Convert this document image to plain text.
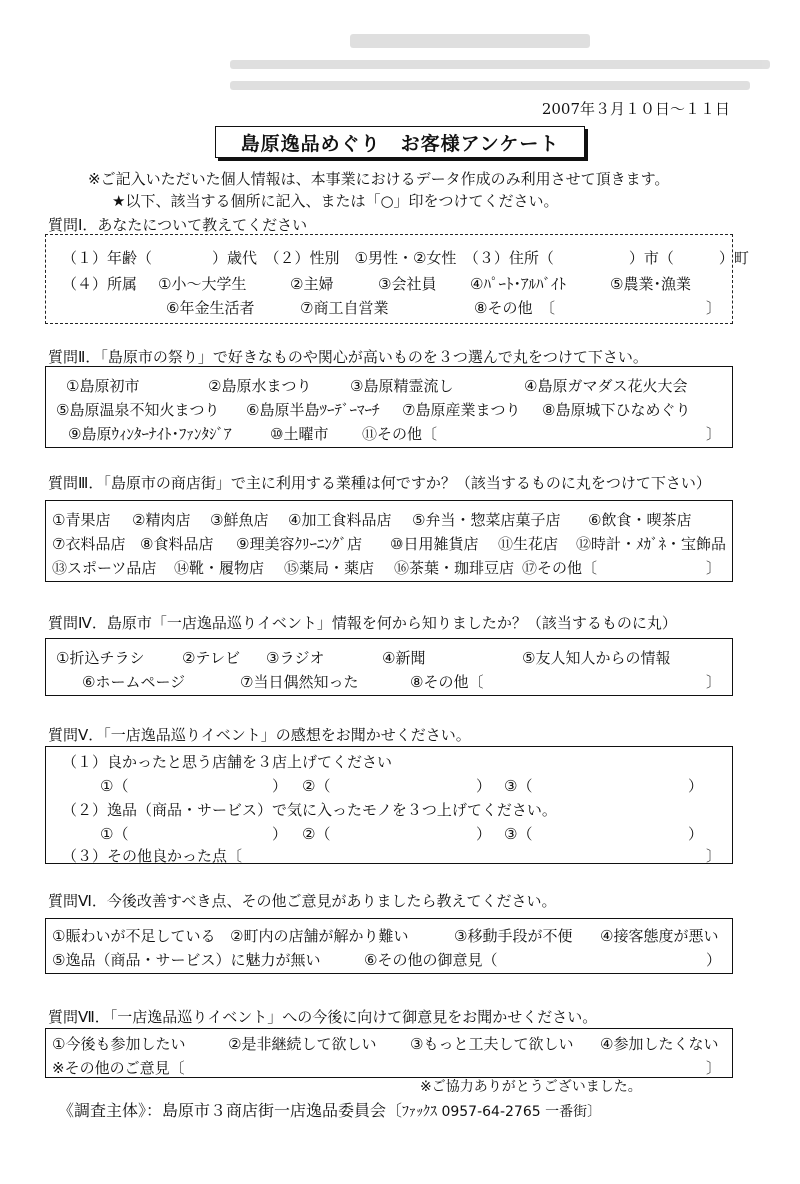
2007年３月１０日～１１日
島原逸品めぐり　お客様アンケート
※ご記入いただいた個人情報は、本事業におけるデータ作成のみ利用させて頂きます。
★以下、該当する個所に記入、または「○」印をつけてください。
質問Ⅰ．あなたについて教えてください
（１）年齢（　　　　）歳代　（２）性別　①男性・②女性　（３）住所（　　　　　）市（　　　）町
（４）所属 ①小～大学生	②主婦	③会社員 ④ﾊﾟｰﾄ･ｱﾙﾊﾞｲﾄ	⑤農業･漁業
⑥年金生活者	⑦商工自営業	⑧その他　〔	〕
質問Ⅱ．「島原市の祭り」で好きなものや関心が高いものを３つ選んで丸をつけて下さい。
①島原初市	②島原水まつり	③島原精霊流し	④島原ガマダス花火大会
⑤島原温泉不知火まつり ⑥島原半島ﾂｰﾃﾞｰﾏｰﾁ ⑦島原産業まつり ⑧島原城下ひなめぐり
⑨島原ｳｨﾝﾀｰﾅｲﾄ･ﾌｧﾝﾀｼﾞｱ	⑩土曜市 ⑪その他〔	〕
質問Ⅲ．「島原市の商店街」で主に利用する業種は何ですか？（該当するものに丸をつけて下さい）
①青果店 ②精肉店 ③鮮魚店 ④加工食料品店 ⑤弁当・惣菜店菓子店 ⑥飲食・喫茶店
⑦衣料品店 ⑧食料品店 ⑨理美容ｸﾘｰﾆﾝｸﾞ店 ⑩日用雑貨店 ⑪生花店 ⑫時計・ﾒｶﾞﾈ・宝飾品
⑬スポーツ品店 ⑭靴・履物店 ⑮薬局・薬店 ⑯茶葉・珈琲豆店 ⑰その他〔	〕
質問Ⅳ．島原市「一店逸品巡りイベント」情報を何から知りましたか？（該当するものに丸）
①折込チラシ	②テレビ ③ラジオ	④新聞	⑤友人知人からの情報
⑥ホームページ	⑦当日偶然知った	⑧その他〔	〕
質問Ⅴ．「一店逸品巡りイベント」の感想をお聞かせください。
（１）良かったと思う店舗を３店上げてください
①（	） ②（	） ③（	）
（２）逸品（商品・サービス）で気に入ったモノを３つ上げてください。
①（	） ②（	） ③（	）
（３）その他良かった点〔	〕
質問Ⅵ．今後改善すべき点、その他ご意見がありましたら教えてください。
①賑わいが不足している ②町内の店舗が解かり難い	③移動手段が不便 ④接客態度が悪い
⑤逸品（商品・サービス）に魅力が無い	⑥その他の御意見（	）
質問Ⅶ．「一店逸品巡りイベント」への今後に向けて御意見をお聞かせください。
①今後も参加したい	②是非継続して欲しい ③もっと工夫して欲しい ④参加したくない
※その他のご意見〔	〕
※ご協力ありがとうございました。
《調査主体》：島原市３商店街一店逸品委員会〔ﾌｧｯｸｽ 0957-64-2765 一番街〕
